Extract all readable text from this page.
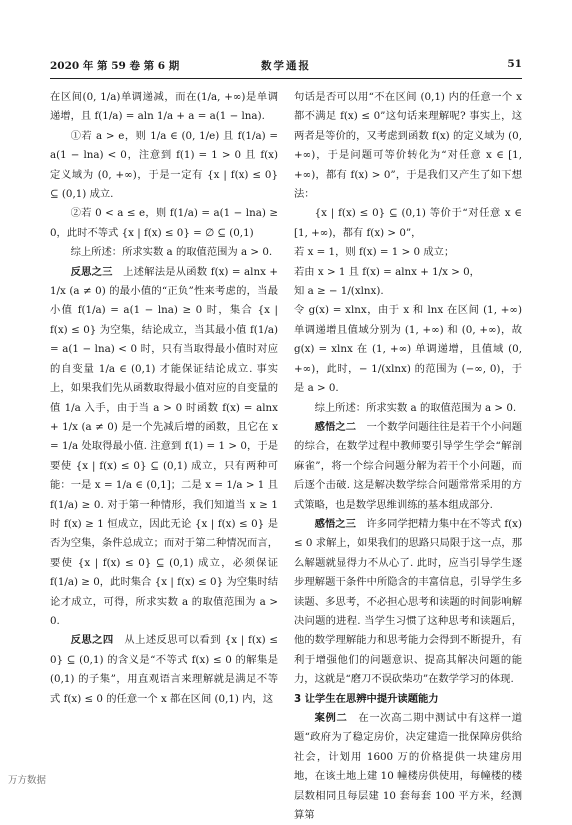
2020 年 第 59 卷 第 6 期	数学通报	51

在区间(0, 1/a)单调递减，而在(1/a, +∞)是单调递增，且 f(1/a) = aln 1/a + a = a(1 − lna).

①若 a > e，则 1/a ∈ (0, 1/e) 且 f(1/a) = a(1 − lna) < 0，注意到 f(1) = 1 > 0 且 f(x) 定义域为 (0, +∞)，于是一定有 {x | f(x) ≤ 0} ⊆ (0,1) 成立.

②若 0 < a ≤ e，则 f(1/a) = a(1 − lna) ≥ 0，此时不等式 {x | f(x) ≤ 0} = ∅ ⊆ (0,1)

综上所述：所求实数 a 的取值范围为 a > 0.

反思之三　上述解法是从函数 f(x) = alnx + 1/x (a ≠ 0) 的最小值的“正负”性来考虑的，当最小值 f(1/a) = a(1 − lna) ≥ 0 时，集合 {x | f(x) ≤ 0} 为空集，结论成立，当其最小值 f(1/a) = a(1 − lna) < 0 时，只有当取得最小值时对应的自变量 1/a ∈ (0,1) 才能保证结论成立. 事实上，如果我们先从函数取得最小值对应的自变量的值 1/a 入手，由于当 a > 0 时函数 f(x) = alnx + 1/x (a ≠ 0) 是一个先减后增的函数，且它在 x = 1/a 处取得最小值. 注意到 f(1) = 1 > 0，于是要使 {x | f(x) ≤ 0} ⊆ (0,1) 成立，只有两种可能：一是 x = 1/a ∈ (0,1]；二是 x = 1/a > 1 且 f(1/a) ≥ 0. 对于第一种情形，我们知道当 x ≥ 1 时 f(x) ≥ 1 恒成立，因此无论 {x | f(x) ≤ 0} 是否为空集，条件总成立；而对于第二种情况而言，要使 {x | f(x) ≤ 0} ⊆ (0,1) 成立，必须保证 f(1/a) ≥ 0，此时集合 {x | f(x) ≤ 0} 为空集时结论才成立，可得，所求实数 a 的取值范围为 a > 0.

反思之四　从上述反思可以看到 {x | f(x) ≤ 0} ⊆ (0,1) 的含义是“不等式 f(x) ≤ 0 的解集是 (0,1) 的子集”，用直观语言来理解就是满足不等式 f(x) ≤ 0 的任意一个 x 都在区间 (0,1) 内，这

句话是否可以用“不在区间 (0,1) 内的任意一个 x 都不满足 f(x) ≤ 0”这句话来理解呢? 事实上，这两者是等价的，又考虑到函数 f(x) 的定义域为 (0, +∞)，于是问题可等价转化为“对任意 x ∈ [1, +∞)，都有 f(x) > 0”，于是我们又产生了如下想法：

{x | f(x) ≤ 0} ⊆ (0,1) 等价于“对任意 x ∈ [1, +∞)，都有 f(x) > 0”，

若 x = 1，则 f(x) = 1 > 0 成立；

若由 x > 1 且 f(x) = alnx + 1/x > 0，

知 a ≥ − 1/(xlnx).

令 g(x) = xlnx，由于 x 和 lnx 在区间 (1, +∞) 单调递增且值域分别为 (1, +∞) 和 (0, +∞)，故 g(x) = xlnx 在 (1, +∞) 单调递增，且值域 (0, +∞)，此时，− 1/(xlnx) 的范围为 (−∞, 0)，于是 a > 0.

综上所述：所求实数 a 的取值范围为 a > 0.

感悟之二　一个数学问题往往是若干个小问题的综合，在数学过程中教师要引导学生学会“解剖麻雀”，将一个综合问题分解为若干个小问题，而后逐个击破. 这是解决数学综合问题常常采用的方式策略，也是数学思维训练的基本组成部分.

感悟之三　许多同学把精力集中在不等式 f(x) ≤ 0 求解上，如果我们的思路只局限于这一点，那么解题就显得力不从心了. 此时，应当引导学生逐步理解题干条件中所隐含的丰富信息，引导学生多读题、多思考，不必担心思考和读题的时间影响解决问题的进程. 当学生习惯了这种思考和读题后，他的数学理解能力和思考能力会得到不断提升，有利于增强他们的问题意识、提高其解决问题的能力，这就是“磨刀不误砍柴功”在数学学习的体现.

3 让学生在思辨中提升读题能力

案例二　在一次高二期中测试中有这样一道题“政府为了稳定房价，决定建造一批保障房供给社会，计划用 1600 万的价格提供一块建房用地，在该土地上建 10 幢楼房供使用，每幢楼的楼层数相同且每层建 10 套每套 100 平方米，经测算第

万方数据
